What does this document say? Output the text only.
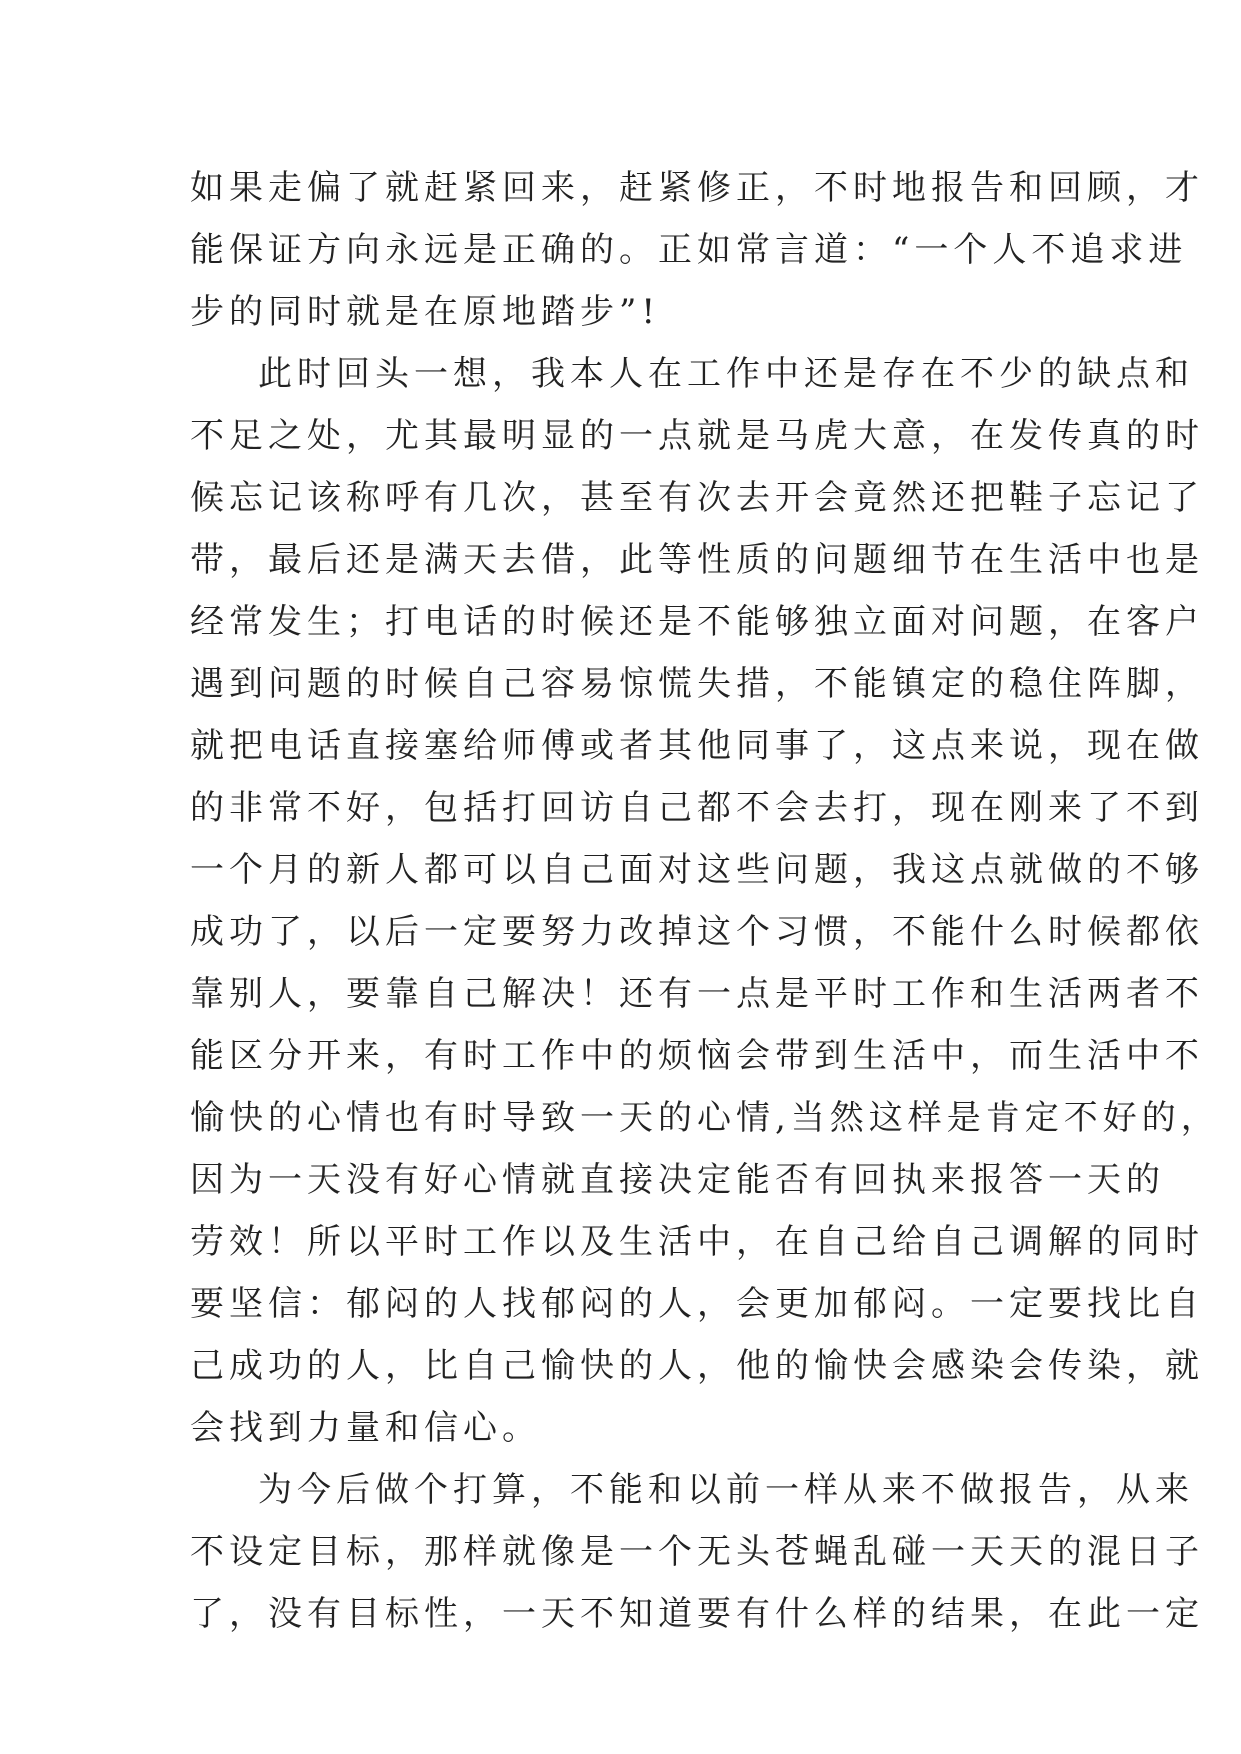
如果走偏了就赶紧回来，赶紧修正，不时地报告和回顾，才
能保证方向永远是正确的。正如常言道：“一个人不追求进
步的同时就是在原地踏步”!
此时回头一想，我本人在工作中还是存在不少的缺点和
不足之处，尤其最明显的一点就是马虎大意，在发传真的时
候忘记该称呼有几次，甚至有次去开会竟然还把鞋子忘记了
带，最后还是满天去借，此等性质的问题细节在生活中也是
经常发生；打电话的时候还是不能够独立面对问题，在客户
遇到问题的时候自己容易惊慌失措，不能镇定的稳住阵脚，
就把电话直接塞给师傅或者其他同事了，这点来说，现在做
的非常不好，包括打回访自己都不会去打，现在刚来了不到
一个月的新人都可以自己面对这些问题，我这点就做的不够
成功了，以后一定要努力改掉这个习惯，不能什么时候都依
靠别人，要靠自己解决！还有一点是平时工作和生活两者不
能区分开来，有时工作中的烦恼会带到生活中，而生活中不
愉快的心情也有时导致一天的心情,当然这样是肯定不好的，
因为一天没有好心情就直接决定能否有回执来报答一天的
劳效！所以平时工作以及生活中，在自己给自己调解的同时
要坚信：郁闷的人找郁闷的人，会更加郁闷。一定要找比自
己成功的人，比自己愉快的人，他的愉快会感染会传染，就
会找到力量和信心。
为今后做个打算，不能和以前一样从来不做报告，从来
不设定目标，那样就像是一个无头苍蝇乱碰一天天的混日子
了，没有目标性，一天不知道要有什么样的结果，在此一定
